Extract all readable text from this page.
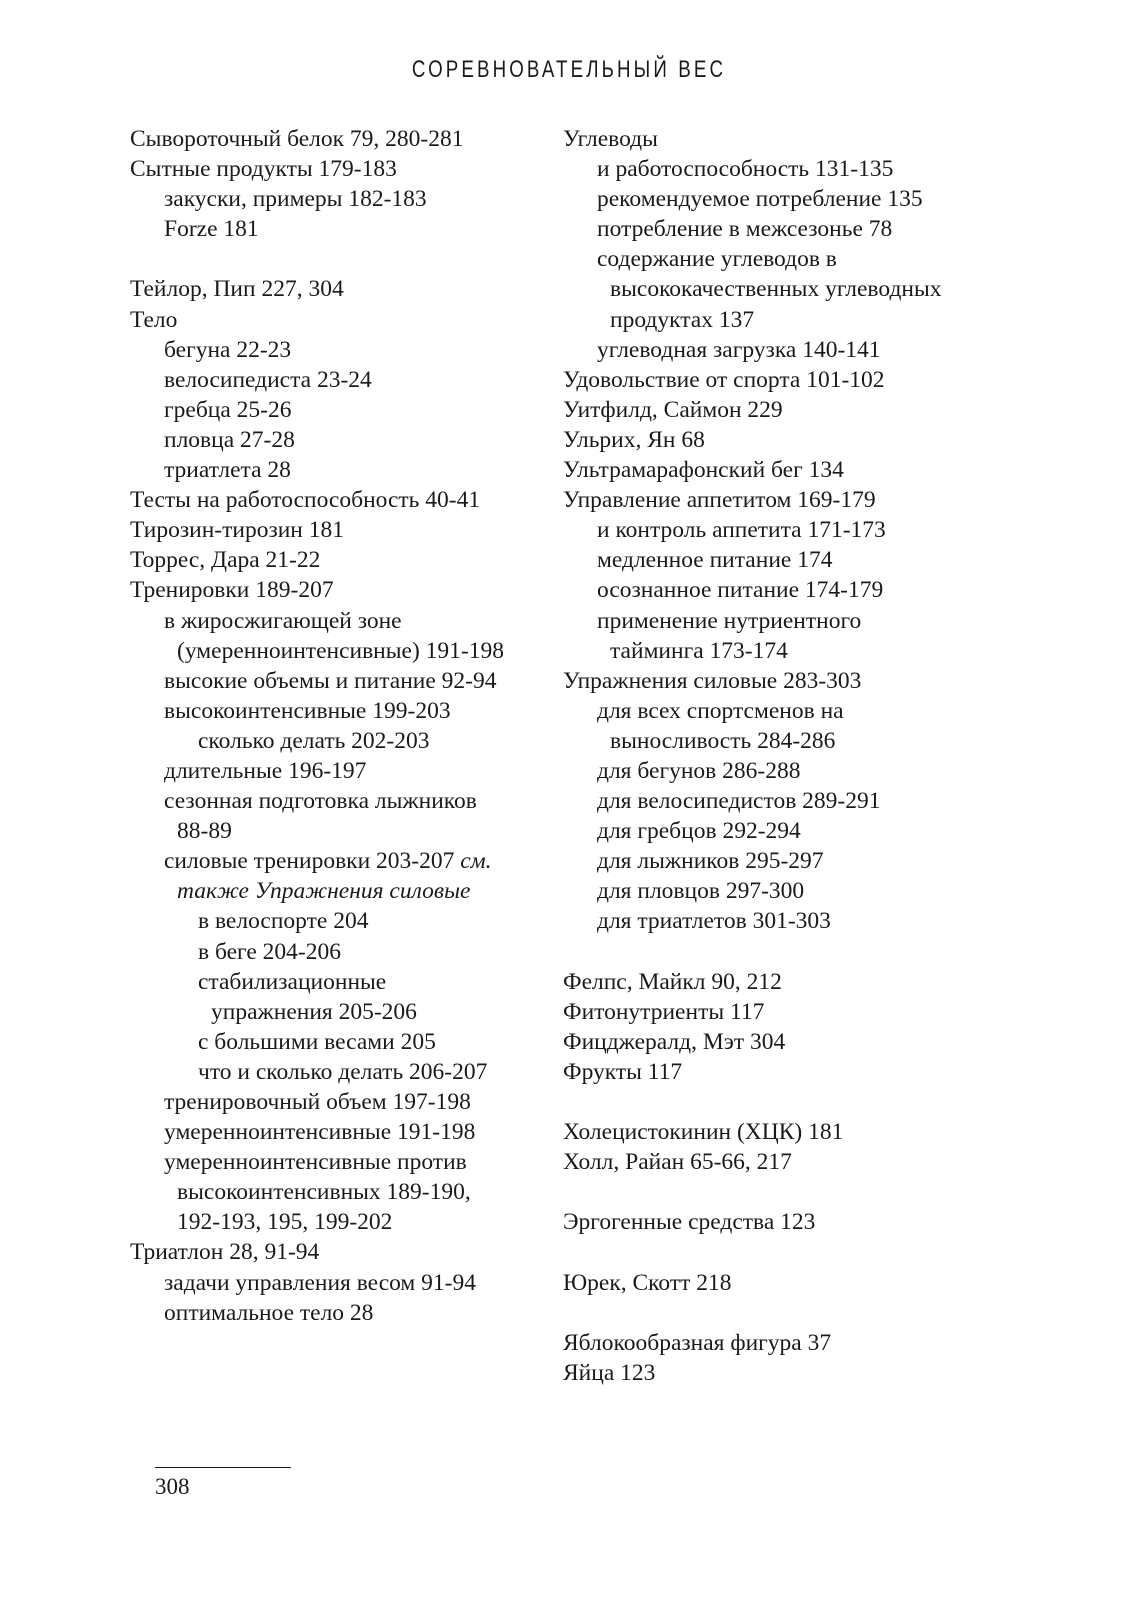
СОРЕВНОВАТЕЛЬНЫЙ ВЕС
Сывороточный белок 79, 280-281
Сытные продукты 179-183
закуски, примеры 182-183
Forze 181
Тейлор, Пип 227, 304
Тело
бегуна 22-23
велосипедиста 23-24
гребца 25-26
пловца 27-28
триатлета 28
Тесты на работоспособность 40-41
Тирозин-тирозин 181
Торрес, Дара 21-22
Тренировки 189-207
в жиросжигающей зоне
(умеренноинтенсивные) 191-198
высокие объемы и питание 92-94
высокоинтенсивные 199-203
сколько делать 202-203
длительные 196-197
сезонная подготовка лыжников
88-89
силовые тренировки 203-207 см.
также Упражнения силовые
в велоспорте 204
в беге 204-206
стабилизационные
упражнения 205-206
с большими весами 205
что и сколько делать 206-207
тренировочный объем 197-198
умеренноинтенсивные 191-198
умеренноинтенсивные против
высокоинтенсивных 189-190,
192-193, 195, 199-202
Триатлон 28, 91-94
задачи управления весом 91-94
оптимальное тело 28
Углеводы
и работоспособность 131-135
рекомендуемое потребление 135
потребление в межсезонье 78
содержание углеводов в
высококачественных углеводных
продуктах 137
углеводная загрузка 140-141
Удовольствие от спорта 101-102
Уитфилд, Саймон 229
Ульрих, Ян 68
Ультрамарафонский бег 134
Управление аппетитом 169-179
и контроль аппетита 171-173
медленное питание 174
осознанное питание 174-179
применение нутриентного
тайминга 173-174
Упражнения силовые 283-303
для всех спортсменов на
выносливость 284-286
для бегунов 286-288
для велосипедистов 289-291
для гребцов 292-294
для лыжников 295-297
для пловцов 297-300
для триатлетов 301-303
Фелпс, Майкл 90, 212
Фитонутриенты 117
Фицджералд, Мэт 304
Фрукты 117
Холецистокинин (ХЦК) 181
Холл, Райан 65-66, 217
Эргогенные средства 123
Юрек, Скотт 218
Яблокообразная фигура 37
Яйца 123
308
